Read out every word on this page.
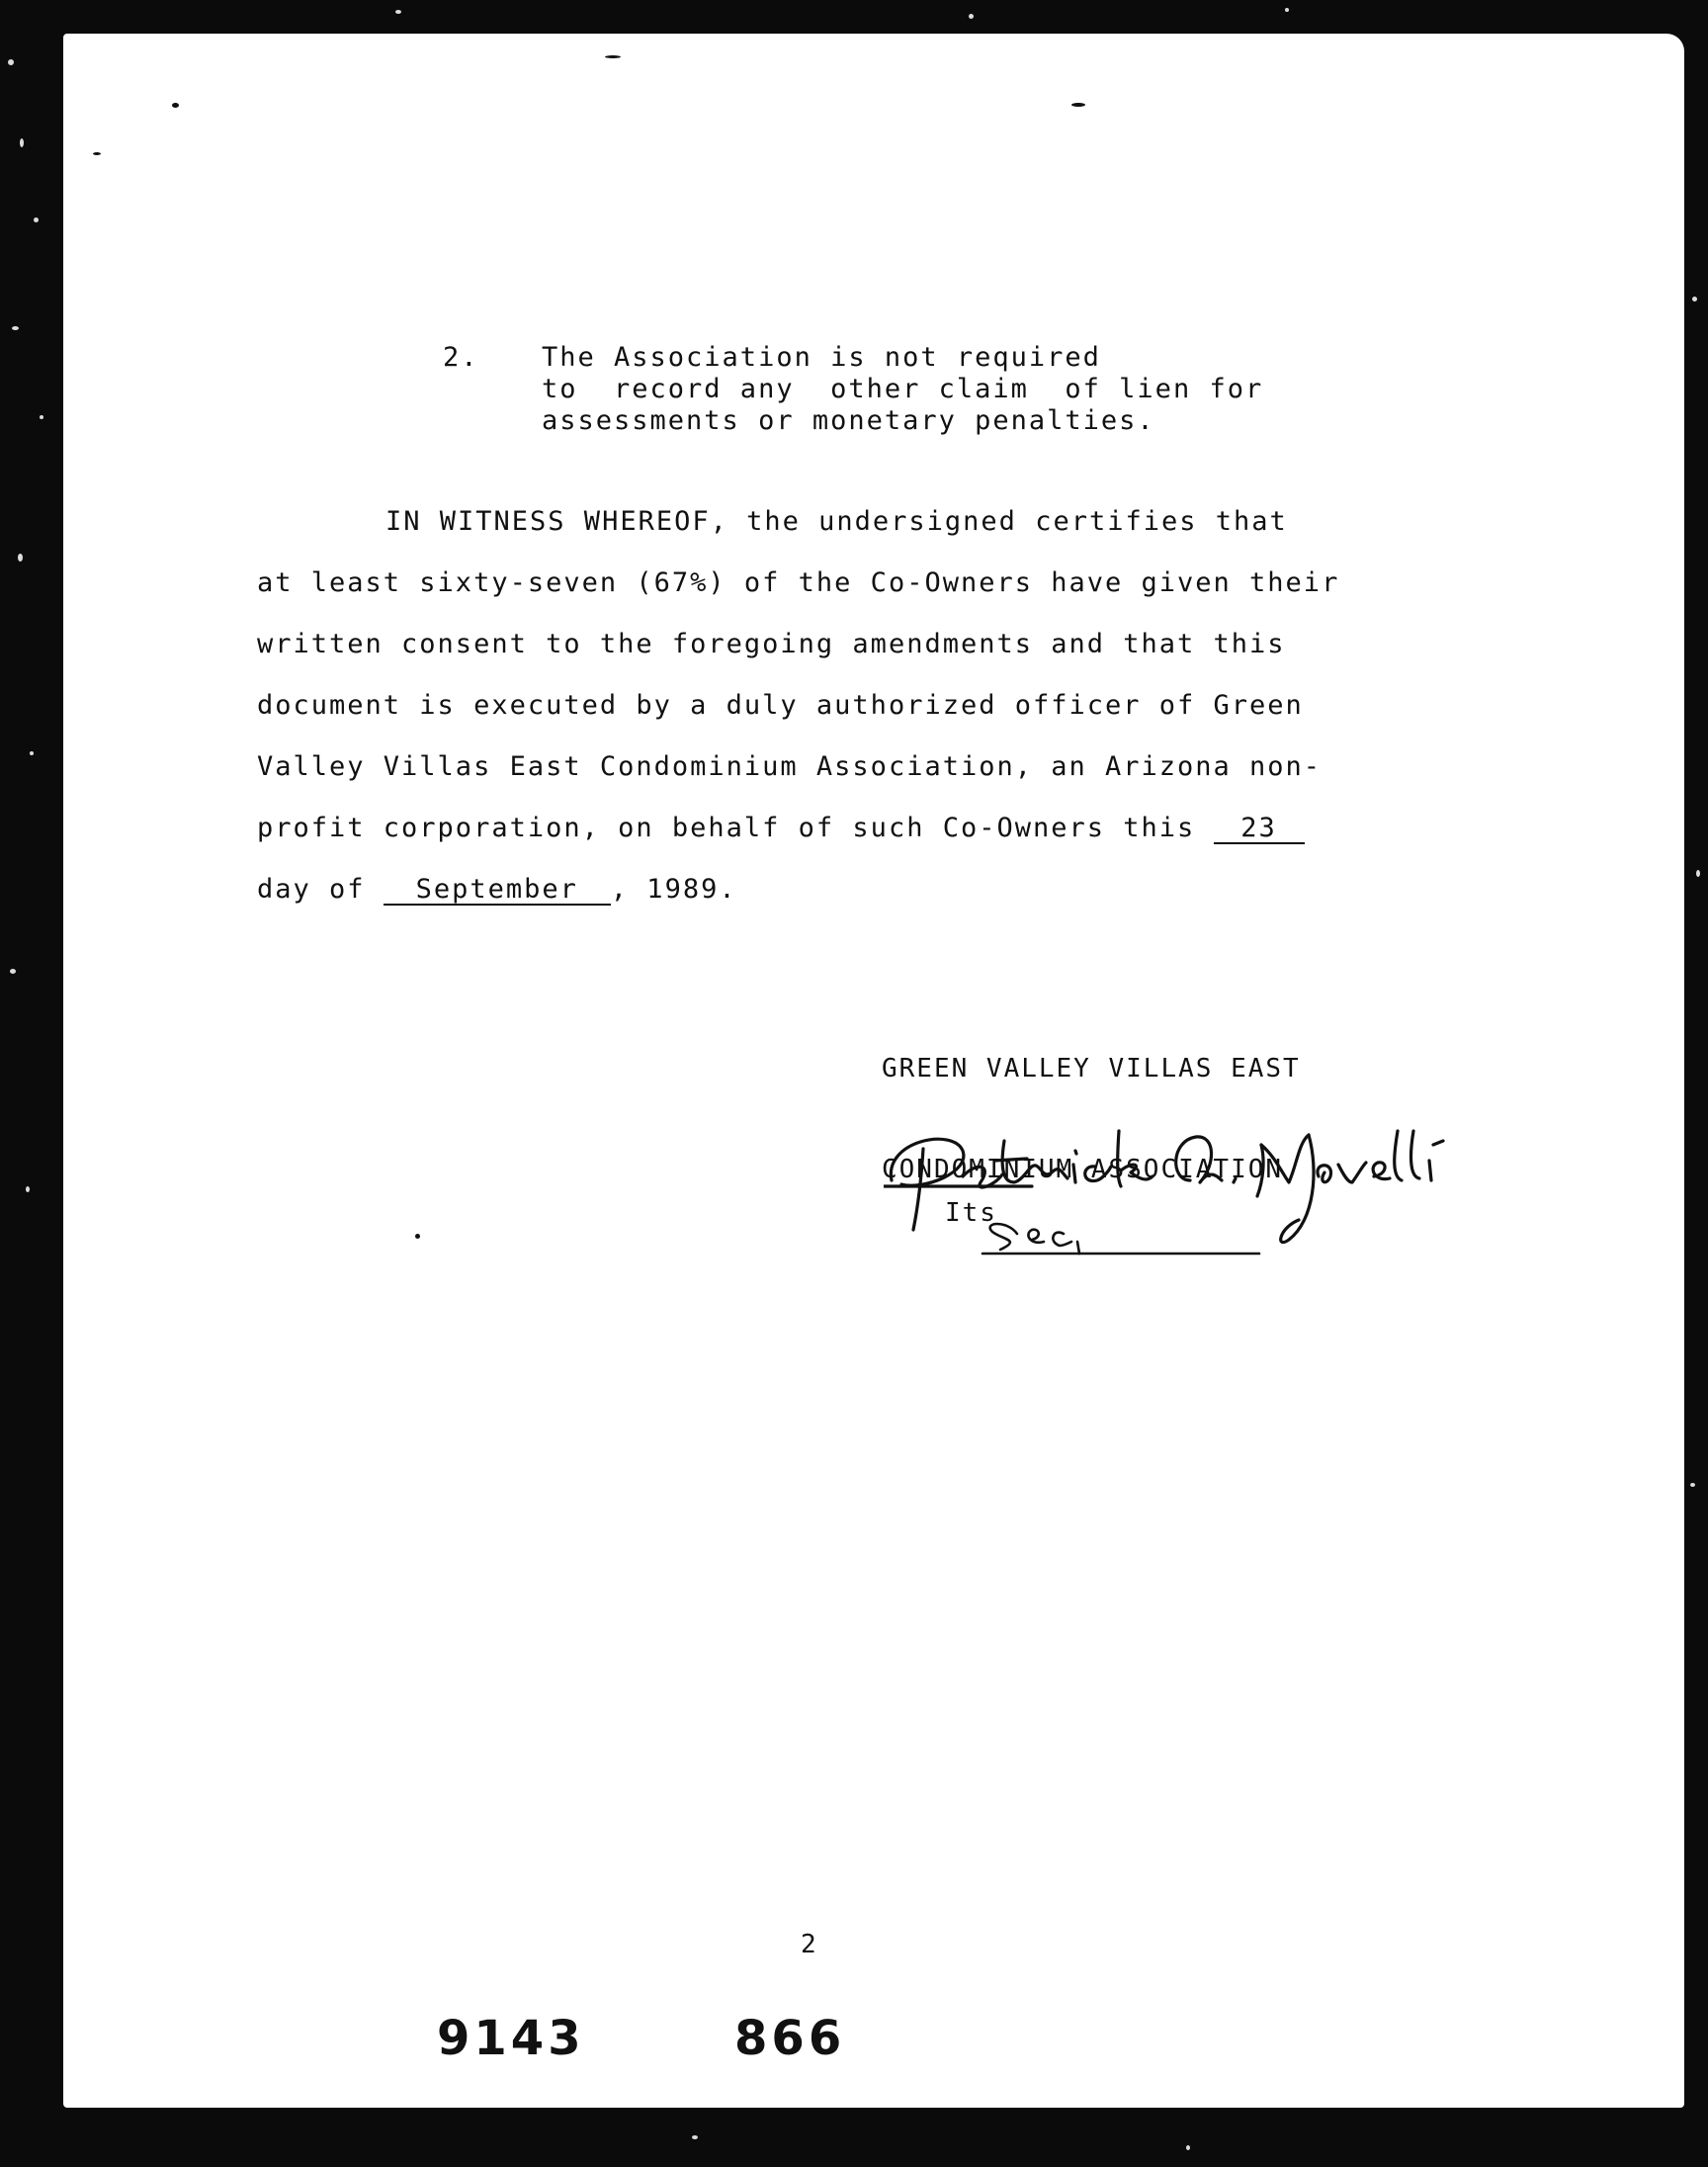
2.

The Association is not required
to  record any  other claim  of lien for
assessments or monetary penalties.

IN WITNESS WHEREOF, the undersigned certifies that

at least sixty-seven (67%) of the Co-Owners have given their

written consent to the foregoing amendments and that this

document is executed by a duly authorized officer of Green

Valley Villas East Condominium Association, an Arizona non-

profit corporation, on behalf of such Co-Owners this 23

day of September , 1989.

GREEN VALLEY VILLAS EAST

CONDOMINIUM ASSOCIATION

Its
2
9143	866
